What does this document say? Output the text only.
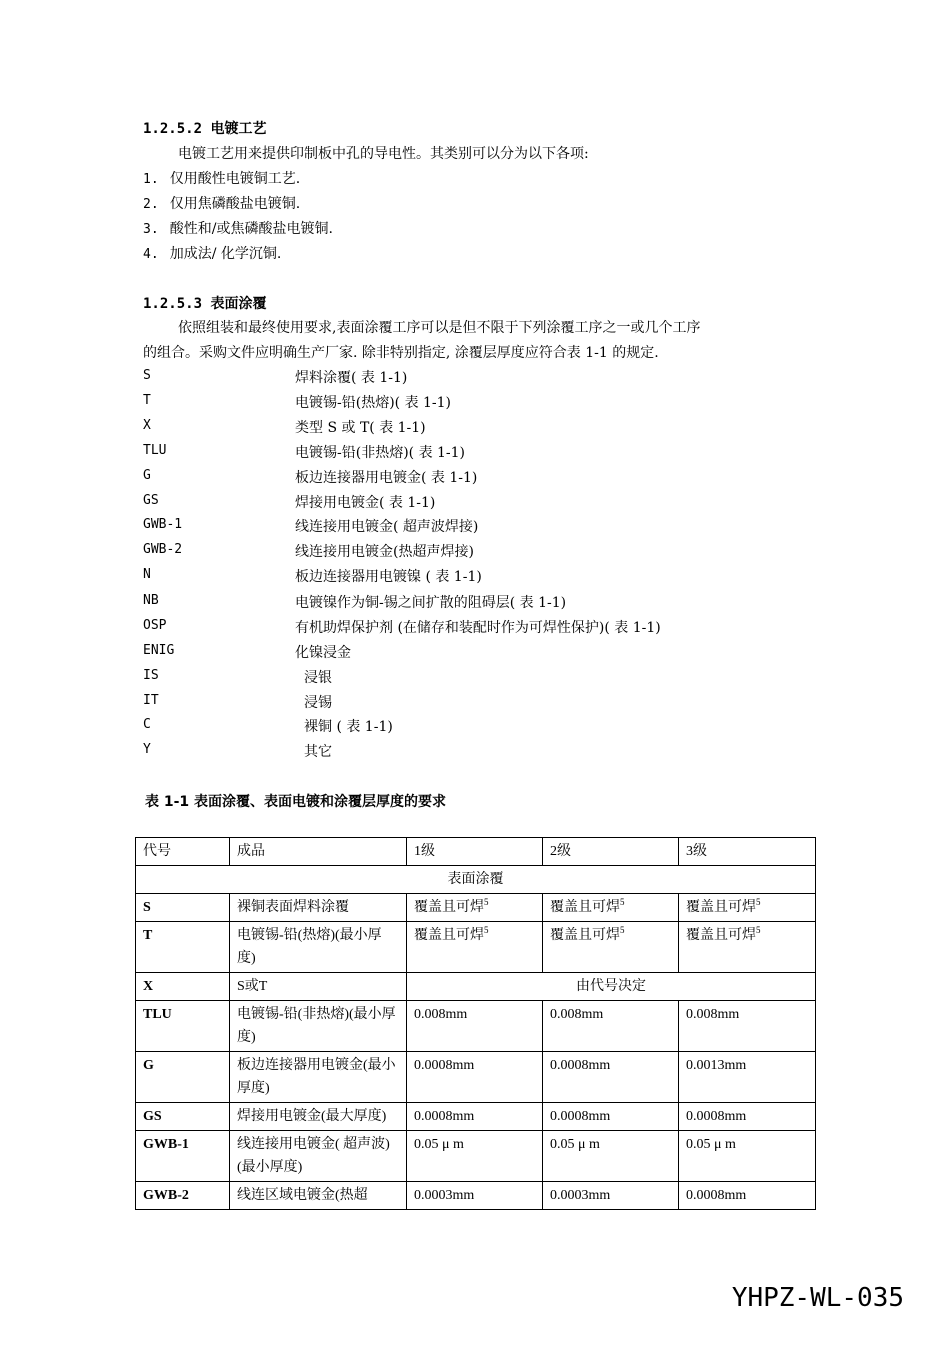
1.2.5.2 电镀工艺
电镀工艺用来提供印制板中孔的导电性。其类别可以分为以下各项:
1. 仅用酸性电镀铜工艺.
2. 仅用焦磷酸盐电镀铜.
3. 酸性和/或焦磷酸盐电镀铜.
4. 加成法/ 化学沉铜.
1.2.5.3 表面涂覆
依照组装和最终使用要求,表面涂覆工序可以是但不限于下列涂覆工序之一或几个工序
的组合。采购文件应明确生产厂家. 除非特别指定, 涂覆层厚度应符合表 1-1 的规定.
S	焊料涂覆( 表 1-1)
T	电镀锡-铅(热熔)( 表 1-1)
X	类型 S 或 T( 表 1-1)
TLU	电镀锡-铅(非热熔)( 表 1-1)
G	板边连接器用电镀金( 表 1-1)
GS	焊接用电镀金( 表 1-1)
GWB-1	线连接用电镀金( 超声波焊接)
GWB-2	线连接用电镀金(热超声焊接)
N	板边连接器用电镀镍 ( 表 1-1)
NB	电镀镍作为铜-锡之间扩散的阻碍层( 表 1-1)
OSP	有机助焊保护剂 (在储存和装配时作为可焊性保护)( 表 1-1)
ENIG	化镍浸金
IS	浸银
IT	浸锡
C	裸铜 ( 表 1-1)
Y	其它
表 1-1 表面涂覆、表面电镀和涂覆层厚度的要求
代号	成品	1级	2级	3级
表面涂覆				
S	裸铜表面焊料涂覆	覆盖且可焊$^5$	覆盖且可焊$^5$	覆盖且可焊$^5$
T	电镀锡-铅(热熔)(最小厚度)	覆盖且可焊$^5$	覆盖且可焊$^5$	覆盖且可焊$^5$
X	S或T	由代号决定		
TLU	电镀锡-铅(非热熔)(最小厚度)	0.008mm	0.008mm	0.008mm
G	板边连接器用电镀金(最小厚度)	0.0008mm	0.0008mm	0.0013mm
GS	焊接用电镀金(最大厚度)	0.0008mm	0.0008mm	0.0008mm
GWB-1	线连接用电镀金( 超声波)(最小厚度)	0.05 μ m	0.05 μ m	0.05 μ m
GWB-2	线连区域电镀金(热超	0.0003mm	0.0003mm	0.0008mm
YHPZ-WL-035
